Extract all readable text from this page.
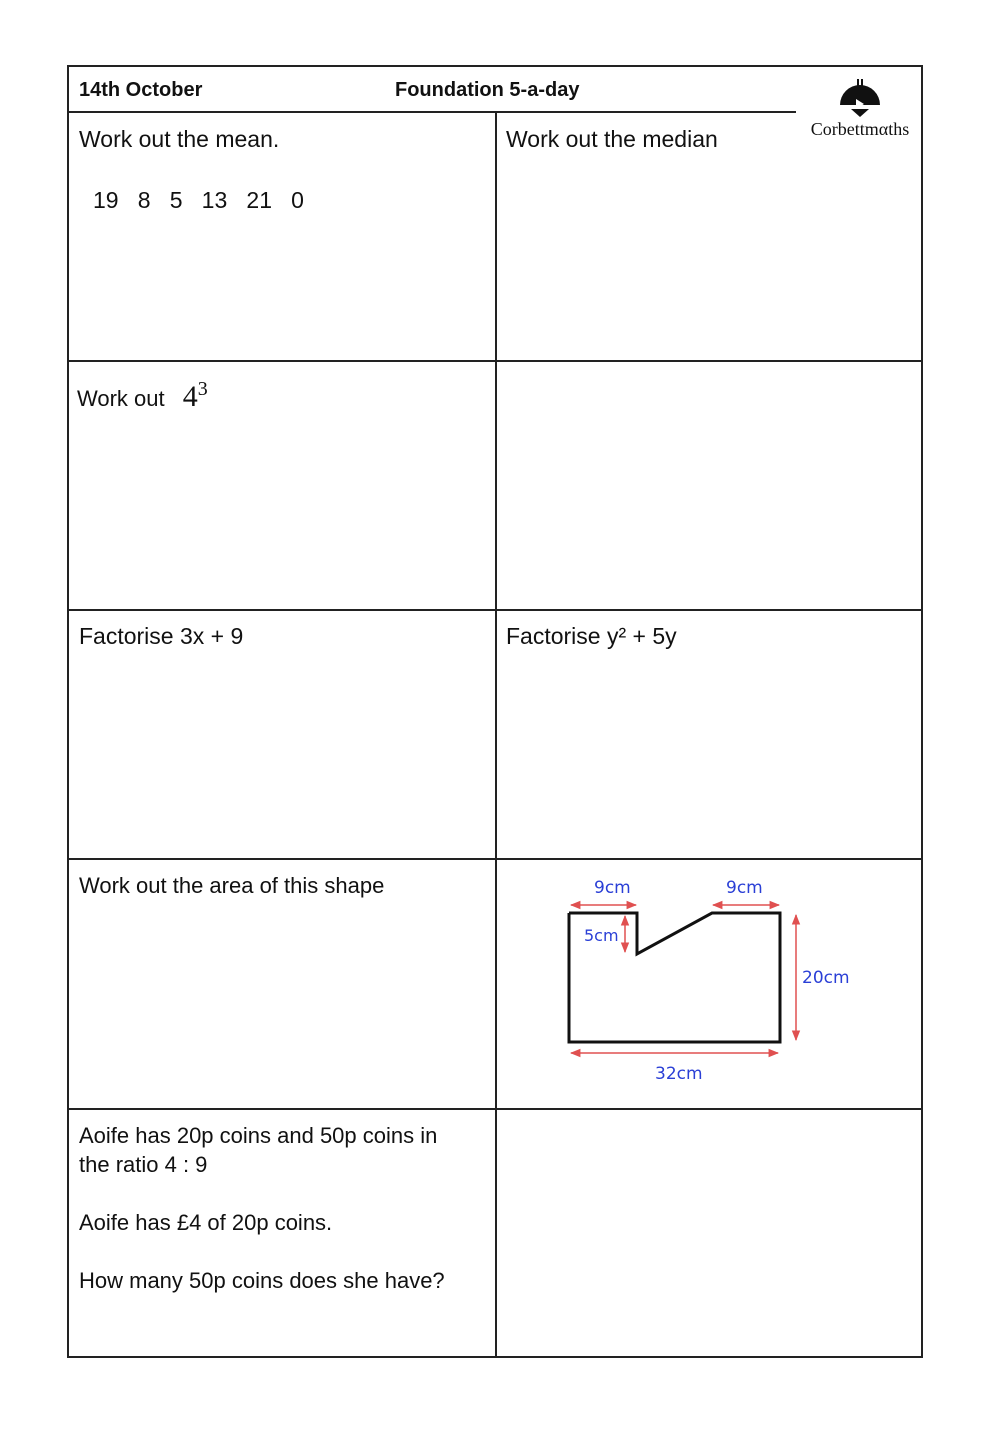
14th October	Foundation 5-a-day
Corbettmαths
Work out the mean.
19   8   5   13   21   0
Work out the median
Work out $4^3$
Factorise 3x + 9	Factorise y² + 5y
Work out the area of this shape	9cm	9cm
5cm
20cm
32cm

Aoife has 20p coins and 50p coins in

the ratio 4 : 9

Aoife has £4 of 20p coins.

How many 50p coins does she have?
